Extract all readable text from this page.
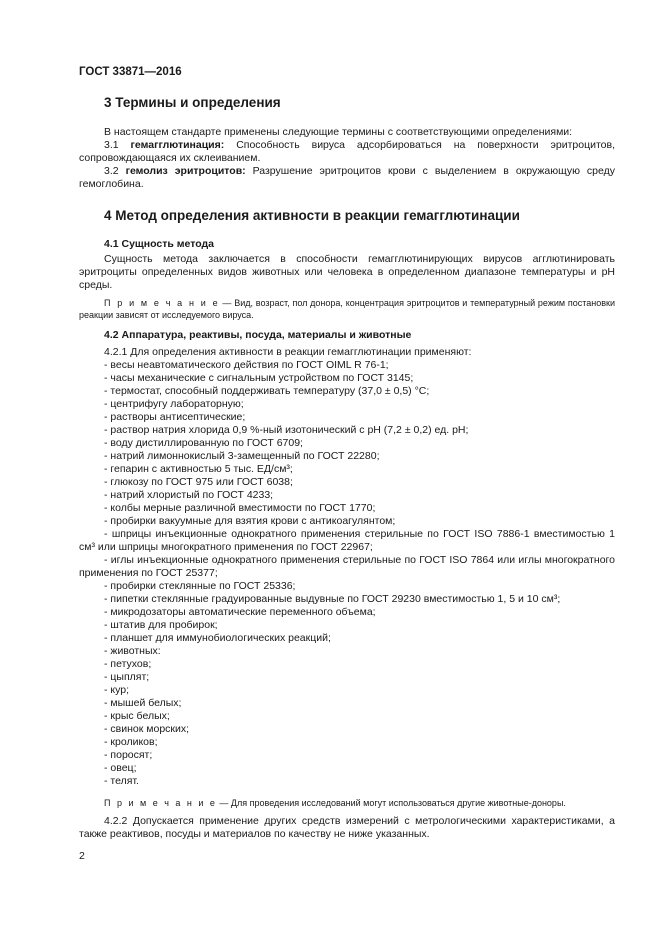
ГОСТ 33871—2016
3 Термины и определения
В настоящем стандарте применены следующие термины с соответствующими определениями:
3.1 гемагглютинация: Способность вируса адсорбироваться на поверхности эритроцитов, сопровождающаяся их склеиванием.
3.2 гемолиз эритроцитов: Разрушение эритроцитов крови с выделением в окружающую среду гемоглобина.
4 Метод определения активности в реакции гемагглютинации
4.1 Сущность метода
Сущность метода заключается в способности гемагглютинирующих вирусов агглютинировать эритроциты определенных видов животных или человека в определенном диапазоне температуры и pH среды.
П р и м е ч а н и е — Вид, возраст, пол донора, концентрация эритроцитов и температурный режим постановки реакции зависят от исследуемого вируса.
4.2 Аппаратура, реактивы, посуда, материалы и животные
4.2.1 Для определения активности в реакции гемагглютинации применяют:
- весы неавтоматического действия по ГОСТ OIML R 76-1;
- часы механические с сигнальным устройством по ГОСТ 3145;
- термостат, способный поддерживать температуру (37,0 ± 0,5) °С;
- центрифугу лабораторную;
- растворы антисептические;
- раствор натрия хлорида 0,9 %-ный изотонический с pH (7,2 ± 0,2) ед. pH;
- воду дистиллированную по ГОСТ 6709;
- натрий лимоннокислый 3-замещенный по ГОСТ 22280;
- гепарин с активностью 5 тыс. ЕД/см³;
- глюкозу по ГОСТ 975 или ГОСТ 6038;
- натрий хлористый по ГОСТ 4233;
- колбы мерные различной вместимости по ГОСТ 1770;
- пробирки вакуумные для взятия крови с антикоагулянтом;
- шприцы инъекционные однократного применения стерильные по ГОСТ ISO 7886-1 вместимостью 1 см³ или шприцы многократного применения по ГОСТ 22967;
- иглы инъекционные однократного применения стерильные по ГОСТ ISO 7864 или иглы многократного применения по ГОСТ 25377;
- пробирки стеклянные по ГОСТ 25336;
- пипетки стеклянные градуированные выдувные по ГОСТ 29230 вместимостью 1, 5 и 10 см³;
- микродозаторы автоматические переменного объема;
- штатив для пробирок;
- планшет для иммунобиологических реакций;
- животных:
- петухов;
- цыплят;
- кур;
- мышей белых;
- крыс белых;
- свинок морских;
- кроликов;
- поросят;
- овец;
- телят.
П р и м е ч а н и е — Для проведения исследований могут использоваться другие животные-доноры.
4.2.2 Допускается применение других средств измерений с метрологическими характеристиками, а также реактивов, посуды и материалов по качеству не ниже указанных.
2
